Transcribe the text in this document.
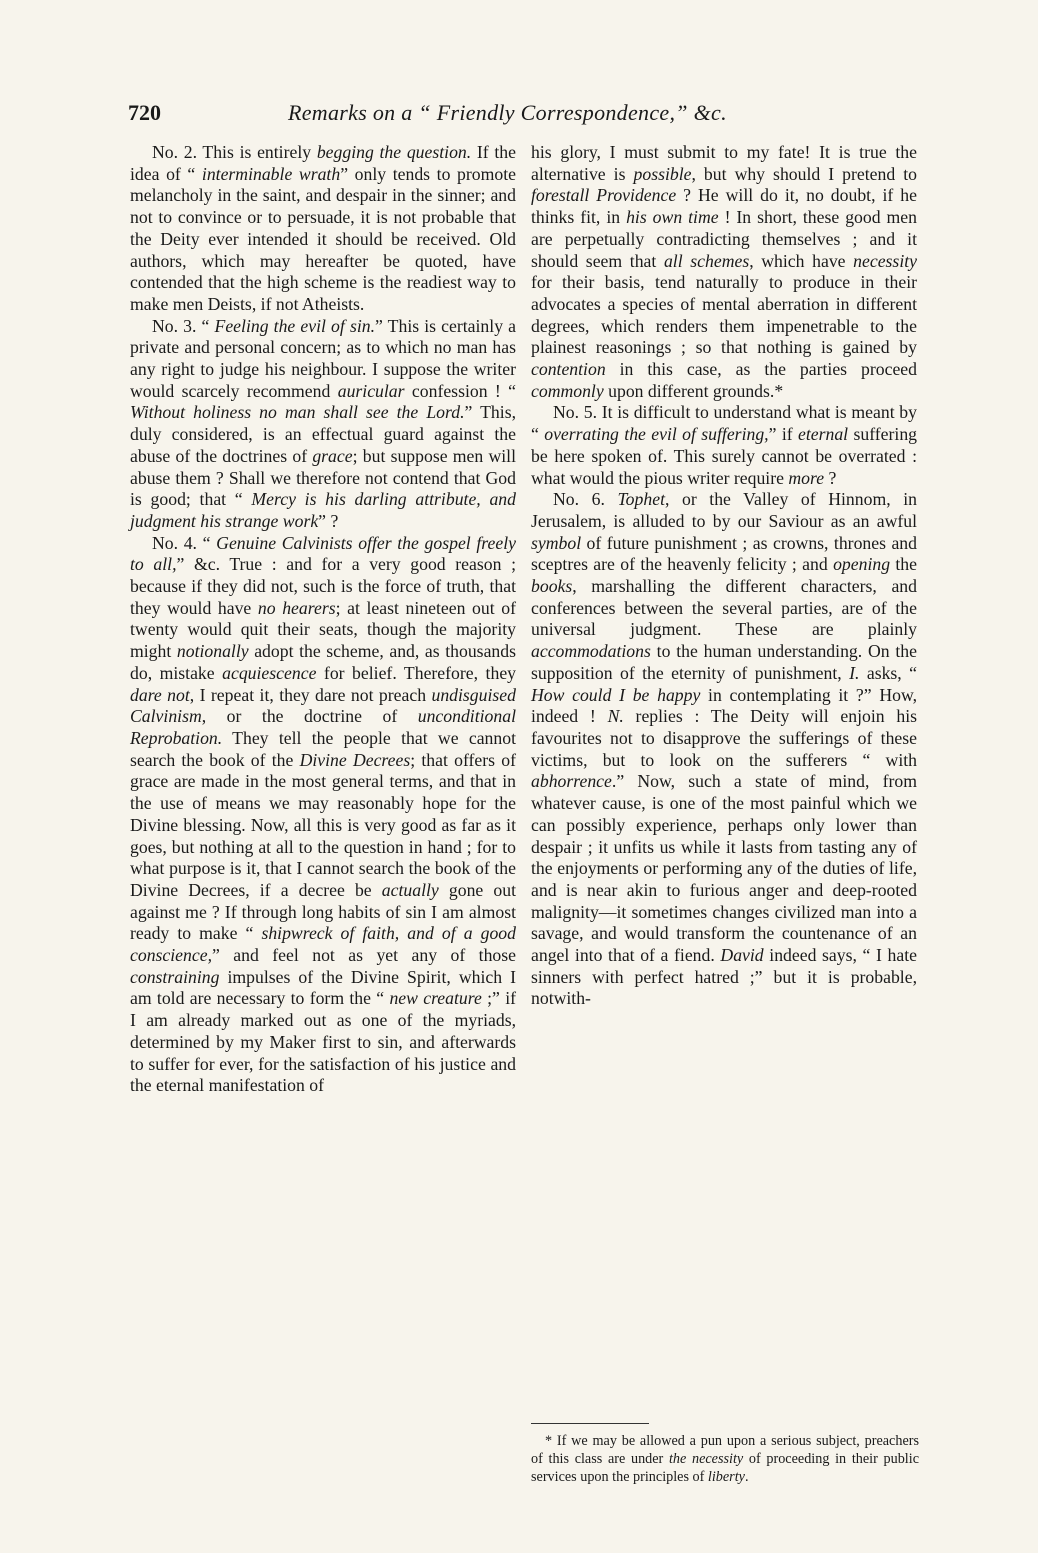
720	Remarks on a “ Friendly Correspondence,” &c.

No. 2. This is entirely begging the question. If the idea of “ interminable wrath” only tends to promote melancholy in the saint, and despair in the sinner; and not to convince or to persuade, it is not probable that the Deity ever intended it should be received. Old authors, which may hereafter be quoted, have contended that the high scheme is the readiest way to make men Deists, if not Atheists.

No. 3. “ Feeling the evil of sin.” This is certainly a private and personal concern; as to which no man has any right to judge his neighbour. I suppose the writer would scarcely recommend auricular confession ! “ Without holiness no man shall see the Lord.” This, duly considered, is an effectual guard against the abuse of the doctrines of grace; but suppose men will abuse them ? Shall we therefore not contend that God is good; that “ Mercy is his darling attribute, and judgment his strange work” ?

No. 4. “ Genuine Calvinists offer the gospel freely to all,” &c. True : and for a very good reason ; because if they did not, such is the force of truth, that they would have no hearers; at least nineteen out of twenty would quit their seats, though the majority might notionally adopt the scheme, and, as thousands do, mistake acquiescence for belief. Therefore, they dare not, I repeat it, they dare not preach undisguised Calvinism, or the doctrine of unconditional Reprobation. They tell the people that we cannot search the book of the Divine Decrees; that offers of grace are made in the most general terms, and that in the use of means we may reasonably hope for the Divine blessing. Now, all this is very good as far as it goes, but nothing at all to the question in hand ; for to what purpose is it, that I cannot search the book of the Divine Decrees, if a decree be actually gone out against me ? If through long habits of sin I am almost ready to make “ shipwreck of faith, and of a good conscience,” and feel not as yet any of those constraining impulses of the Divine Spirit, which I am told are necessary to form the “ new creature ;” if I am already marked out as one of the myriads, determined by my Maker first to sin, and afterwards to suffer for ever, for the satisfaction of his justice and the eternal manifestation of

his glory, I must submit to my fate! It is true the alternative is possible, but why should I pretend to forestall Providence ? He will do it, no doubt, if he thinks fit, in his own time ! In short, these good men are perpetually contradicting themselves ; and it should seem that all schemes, which have necessity for their basis, tend naturally to produce in their advocates a species of mental aberration in different degrees, which renders them impenetrable to the plainest reasonings ; so that nothing is gained by contention in this case, as the parties proceed commonly upon different grounds.*

No. 5. It is difficult to understand what is meant by “ overrating the evil of suffering,” if eternal suffering be here spoken of. This surely cannot be overrated : what would the pious writer require more ?

No. 6. Tophet, or the Valley of Hinnom, in Jerusalem, is alluded to by our Saviour as an awful symbol of future punishment ; as crowns, thrones and sceptres are of the heavenly felicity ; and opening the books, marshalling the different characters, and conferences between the several parties, are of the universal judgment. These are plainly accommodations to the human understanding. On the supposition of the eternity of punishment, I. asks, “ How could I be happy in contemplating it ?” How, indeed ! N. replies : The Deity will enjoin his favourites not to disapprove the sufferings of these victims, but to look on the sufferers “ with abhorrence.” Now, such a state of mind, from whatever cause, is one of the most painful which we can possibly experience, perhaps only lower than despair ; it unfits us while it lasts from tasting any of the enjoyments or performing any of the duties of life, and is near akin to furious anger and deep-rooted malignity—it sometimes changes civilized man into a savage, and would transform the countenance of an angel into that of a fiend. David indeed says, “ I hate sinners with perfect hatred ;” but it is probable, notwith-

* If we may be allowed a pun upon a serious subject, preachers of this class are under the necessity of proceeding in their public services upon the principles of liberty.
